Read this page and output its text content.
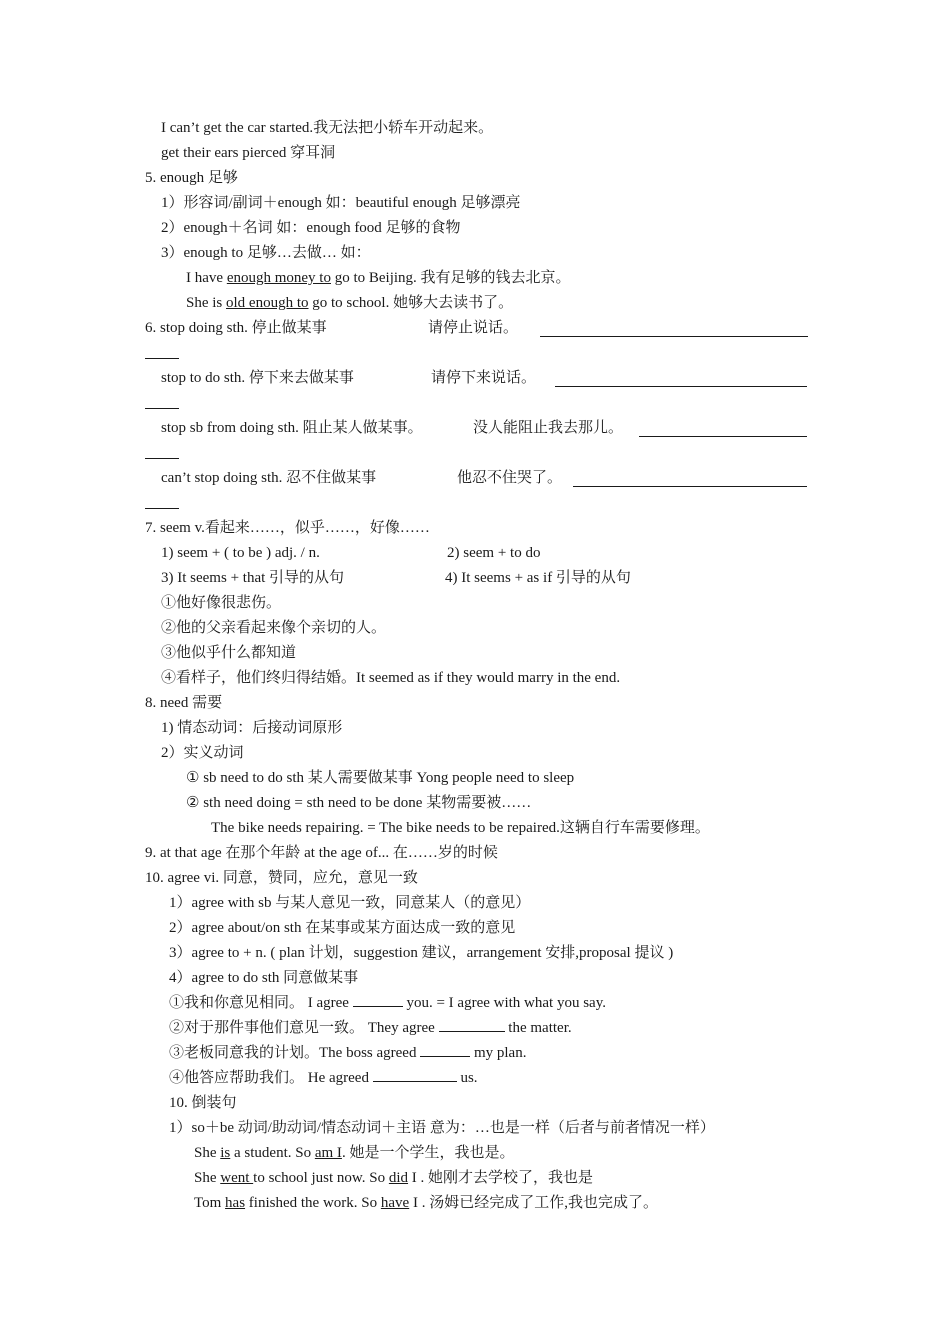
I can’t get the car started.我无法把小轿车开动起来。
get their ears pierced 穿耳洞
5. enough 足够
1）形容词/副词＋enough 如：beautiful enough 足够漂亮
2）enough＋名词 如：enough food 足够的食物
3）enough to 足够…去做… 如：
I have enough money to go to Beijing. 我有足够的钱去北京。
She is old enough to go to school. 她够大去读书了。
6. stop doing sth. 停止做某事	请停止说话。
stop to do sth. 停下来去做某事	请停下来说话。
stop sb from doing sth. 阻止某人做某事。	没人能阻止我去那儿。
can’t stop doing sth. 忍不住做某事	他忍不住哭了。
7. seem v.看起来……，似乎……，好像……
1) seem + ( to be ) adj. / n.	2) seem + to do
3) It seems + that 引导的从句	4) It seems + as if 引导的从句
①他好像很悲伤。
②他的父亲看起来像个亲切的人。
③他似乎什么都知道
④看样子，他们终归得结婚。It seemed as if they would marry in the end.
8. need 需要
1) 情态动词：后接动词原形
2）实义动词
① sb need to do sth 某人需要做某事 Yong people need to sleep
② sth need doing = sth need to be done 某物需要被……
The bike needs repairing. = The bike needs to be repaired.这辆自行车需要修理。
9. at that age 在那个年龄 at the age of... 在……岁的时候
10. agree vi. 同意，赞同，应允，意见一致
1）agree with sb 与某人意见一致，同意某人（的意见）
2）agree about/on sth 在某事或某方面达成一致的意见
3）agree to + n. ( plan 计划，suggestion 建议，arrangement 安排,proposal 提议 )
4）agree to do sth 同意做某事
①我和你意见相同。 I agree	you. = I agree with what you say.
②对于那件事他们意见一致。 They agree	the matter.
③老板同意我的计划。The boss agreed	my plan.
④他答应帮助我们。 He agreed	us.
10. 倒装句
1）so＋be 动词/助动词/情态动词＋主语 意为：…也是一样（后者与前者情况一样）
She is a student. So am I. 她是一个学生，我也是。
She went to school just now. So did I . 她刚才去学校了，我也是
Tom has finished the work. So have I . 汤姆已经完成了工作,我也完成了。
